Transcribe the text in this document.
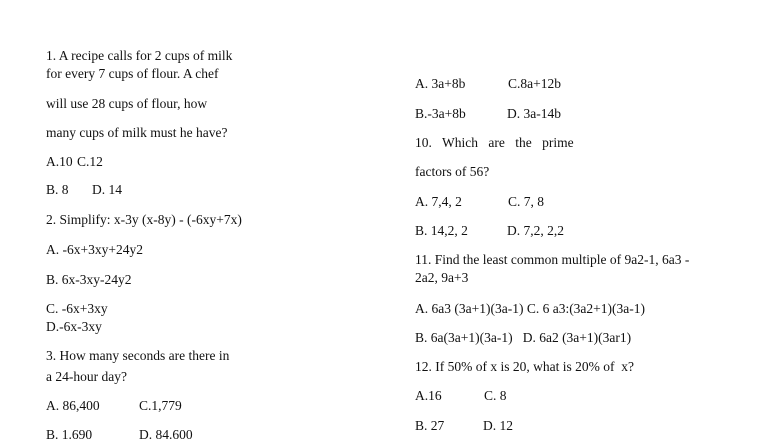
1. A recipe calls for 2 cups of milk
for every 7 cups of flour. A chef
will use 28 cups of flour, how
many cups of milk must he have?
A.10 C.12
B. 8 D. 14
2. Simplify: x-3y (x-8y) - (-6xy+7x)
A. -6x+3xy+24y2
B. 6x-3xy-24y2
C. -6x+3xy
D.-6x-3xy
3. How many seconds are there in
a 24-hour day?
A. 86,400	C.1,779
B. 1.690	D. 84.600
A. 3a+8b	C.8a+12b
B.-3a+8b	D. 3a-14b
10. Which are the prime
factors of 56?
A. 7,4, 2	C. 7, 8
B. 14,2, 2	D. 7,2, 2,2
11. Find the least common multiple of 9a2-1, 6a3 -
2a2, 9a+3
A. 6a3 (3a+1)(3a-1) C. 6 a3:(3a2+1)(3a-1)
B. 6a(3a+1)(3a-1)   D. 6a2 (3a+1)(3ar1)
12. If 50% of x is 20, what is 20% of  x?
A.16	C. 8
B. 27	D. 12
